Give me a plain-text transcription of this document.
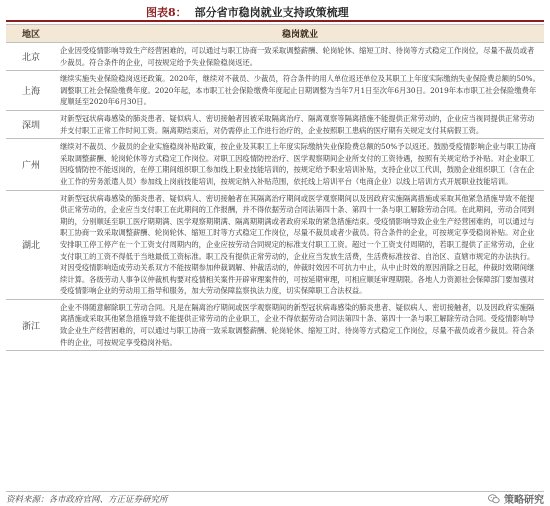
图表8： 部分省市稳岗就业支持政策梳理
地区	稳岗就业
北京	企业因受疫情影响导致生产经营困难的，可以通过与职工协商一致采取调整薪酬、轮岗轮休、缩短工时、待岗等方式稳定工作岗位，尽量不裁员或者少裁员。符合条件的企业，可按规定给予失业保险稳岗返还。
上海	继续实施失业保险稳岗返还政策。2020年，继续对不裁员、少裁员，符合条件的用人单位返还单位及其职工上年度实际缴纳失业保险费总额的50%。调整职工社会保险缴费年度。2020年起，本市职工社会保险缴费年度起止日期调整为当年7月1日至次年6月30日。2019年本市职工社会保险缴费年度顺延至2020年6月30日。
深圳	对新型冠状病毒感染的肺炎患者、疑似病人、密切接触者因被采取隔离治疗、隔离观察等隔离措施不能提供正常劳动的，企业应当视同提供正常劳动并支付职工正常工作时间工资。隔离期结束后，对仍需停止工作进行治疗的，企业按照职工患病的医疗期有关规定支付其病假工资。
广州	继续对不裁员、少裁员的企业实施稳岗补贴政策，按企业及其职工上年度实际缴纳失业保险费总额的50%予以返还。鼓励受疫情影响企业与职工协商采取调整薪酬、轮岗轮休等方式稳定工作岗位。对职工因疫情防控治疗、医学观察期间企业所支付的工资待遇，按照有关规定给予补贴。对企业职工因疫情防控不能返岗的，在停工期间组织职工参加线上职业技能培训的，按规定给予职业培训补贴，支持企业以工代训，鼓励企业组织职工（含在企业工作的劳务派遣人员）参加线上岗前技能培训，按规定纳入补贴范围，依托线上培训平台（电商企业）以线上培训方式开展职业技能培训。
湖北	对新型冠状病毒感染的肺炎患者、疑似病人、密切接触者在其隔离治疗期间或医学观察期间以及因政府实施隔离措施或采取其他紧急措施导致不能提供正常劳动的，企业应当支付职工在此期间的工作报酬，并不得依据劳动合同法第四十条、第四十一条与职工解除劳动合同。在此期间，劳动合同到期的，分别顺延至职工医疗期期满、医学观察期期满、隔离期期满或者政府采取的紧急措施结束。受疫情影响导致企业生产经营困难的，可以通过与职工协商一致采取调整薪酬、轮岗轮休、缩短工时等方式稳定工作岗位，尽量不裁员或者少裁员。符合条件的企业，可按规定享受稳岗补贴。对企业安排职工停工停产在一个工资支付周期内的，企业应按劳动合同规定的标准支付职工工资。超过一个工资支付周期的，若职工提供了正常劳动，企业支付职工的工资不得低于当地最低工资标准。职工没有提供正常劳动的，企业应当发放生活费，生活费标准按省、自治区、直辖市规定的办法执行。对因受疫情影响造成劳动关系双方不能按期参加仲裁调解、仲裁活动的，仲裁时效因不可抗力中止，从中止时效的原因消除之日起，仲裁时效期间继续计算。各级劳动人事争议仲裁机构要对疫情相关案件开辟审理案件的，可按延期审理，可相应顺延审理期限。各地人力资源社会保障部门要加强对受疫情影响企业的劳动用工指导和服务，加大劳动保障监察执法力度，切实保障职工合法权益。
浙江	企业不得随意解除职工劳动合同。凡是在隔离治疗期间或医学观察期间的新型冠状病毒感染的肺炎患者、疑似病人、密切接触者，以及因政府实施隔离措施或采取其他紧急措施导致不能提供正常劳动的企业职工，企业不得依据劳动合同法第四十条、第四十一条与职工解除劳动合同。受疫情影响导致企业生产经营困难的，可以通过与职工协商一致采取调整薪酬、轮岗轮休、缩短工时、待岗等方式稳定工作岗位，尽量不裁员或者少裁员。符合条件的企业，可按规定享受稳岗补贴。
资料来源：各市政府官网、方正证券研究所	策略研究
